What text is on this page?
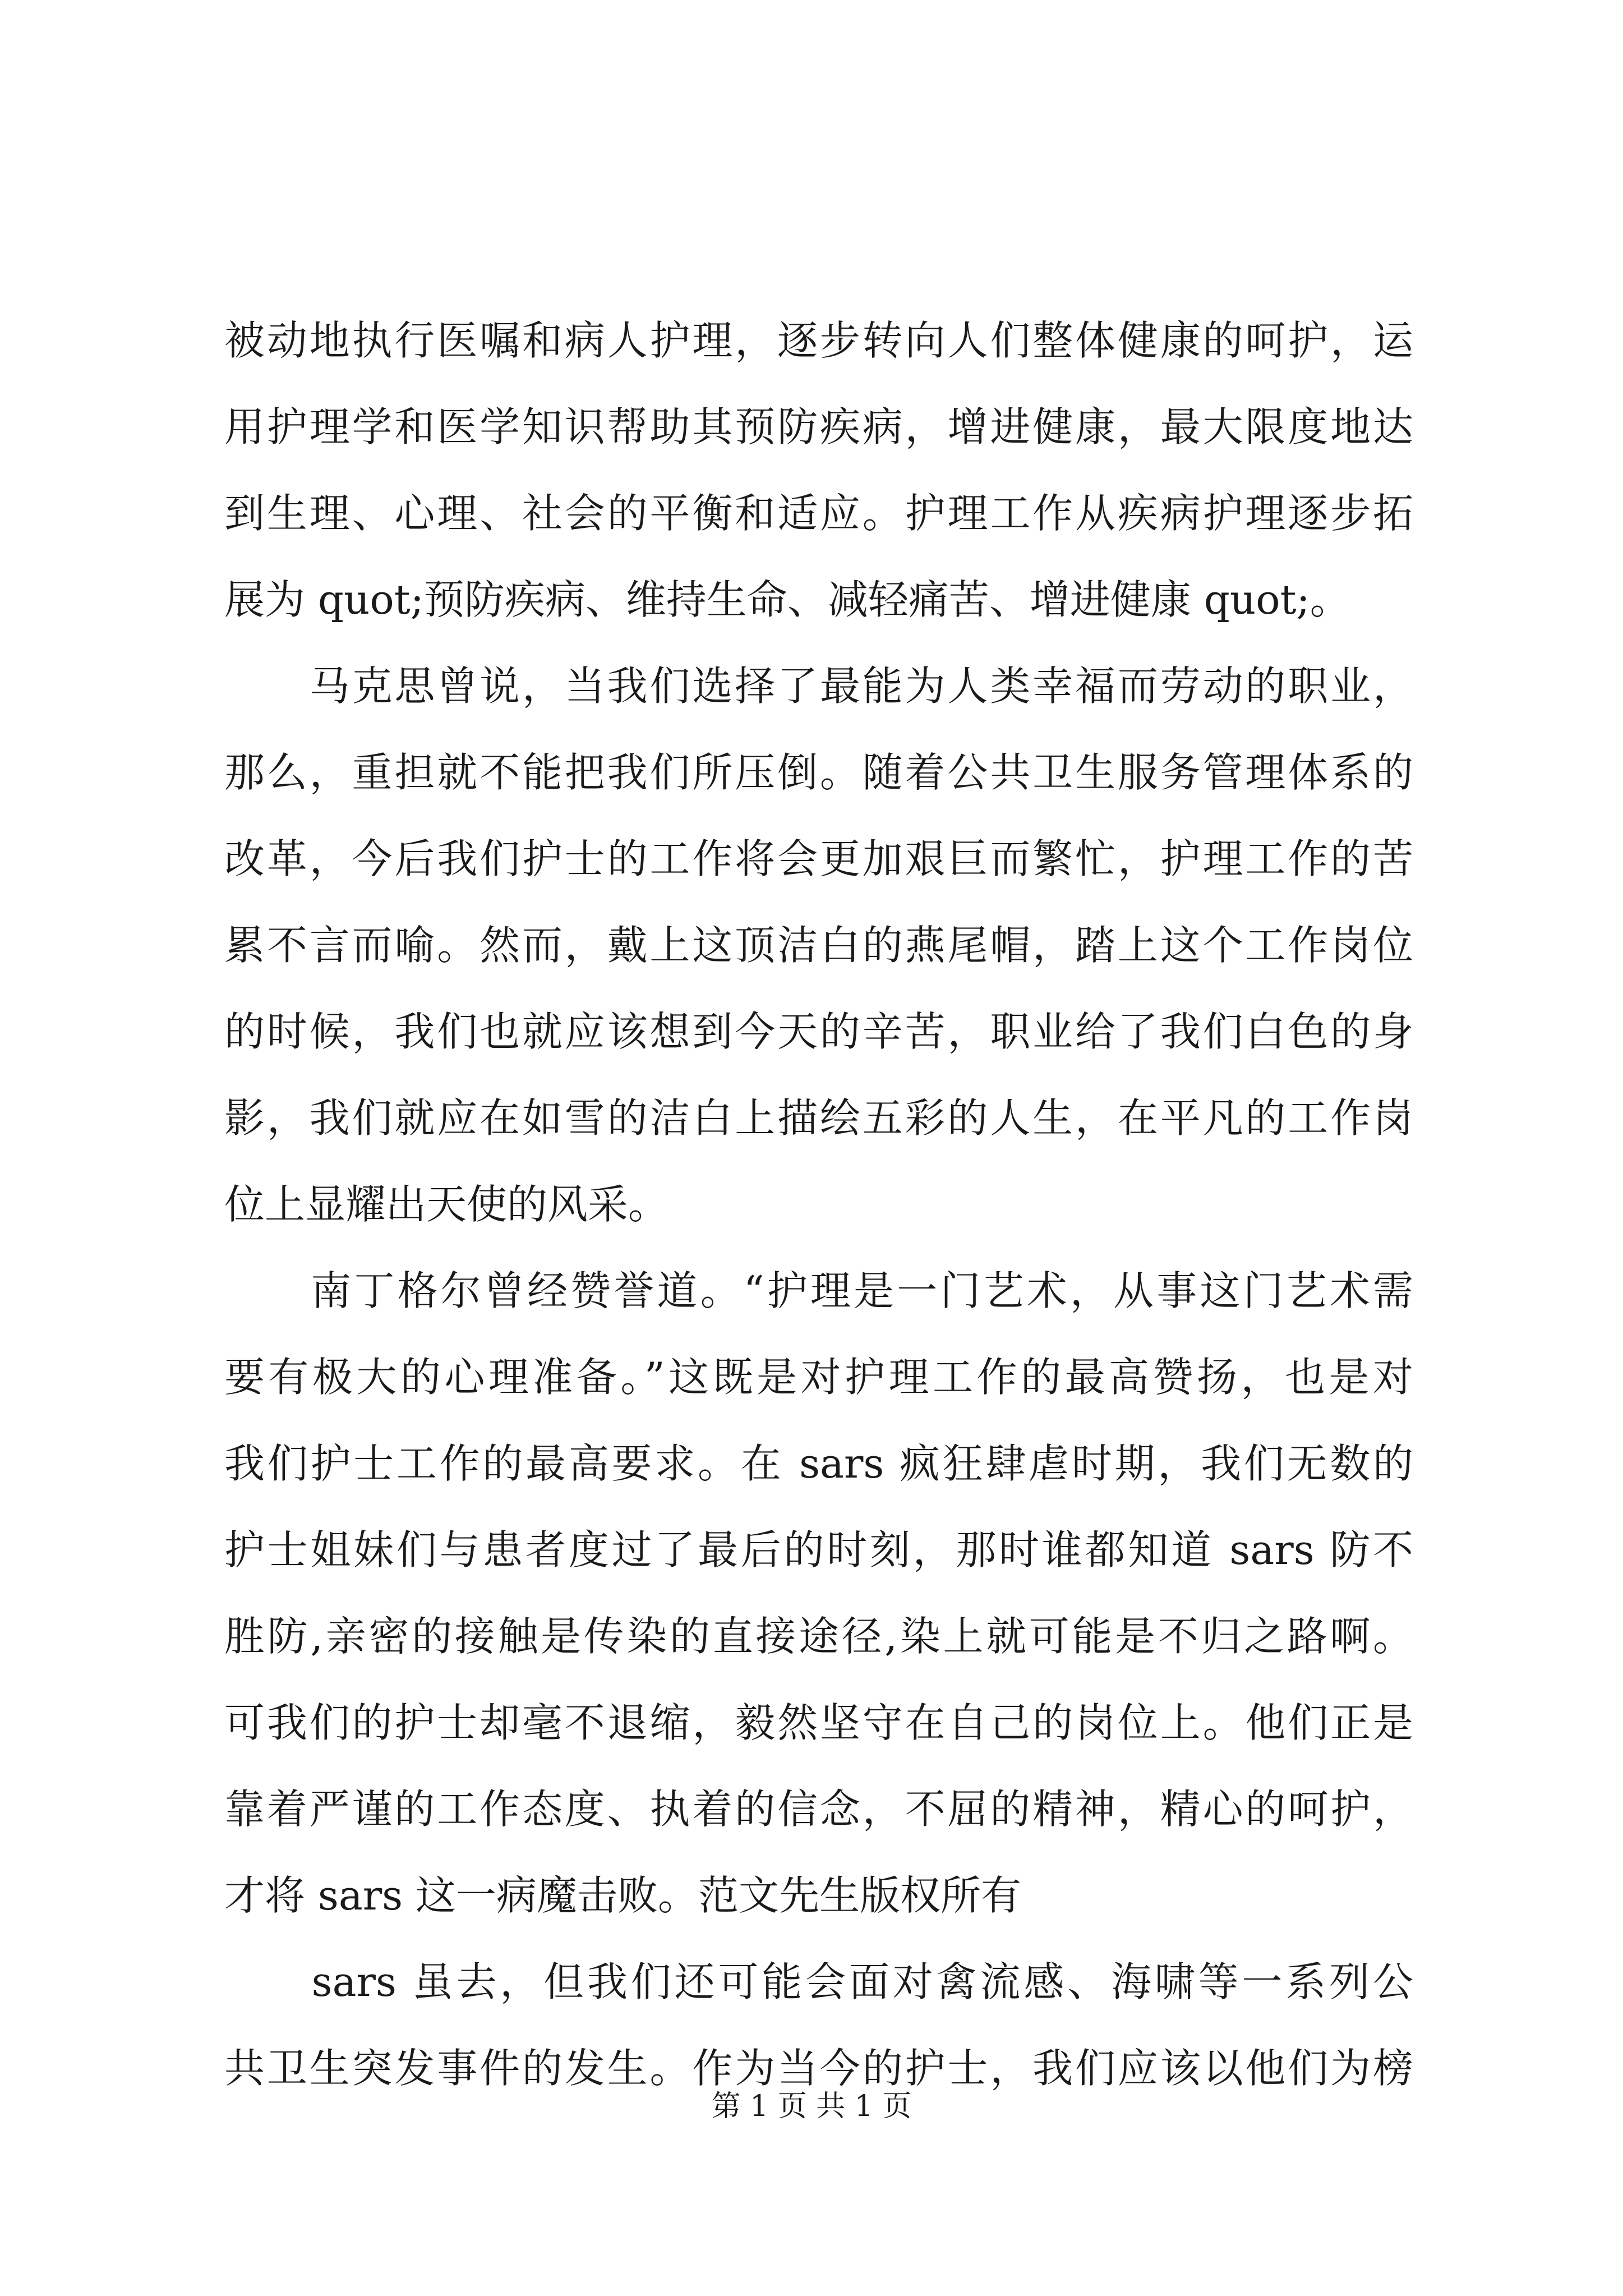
被动地执行医嘱和病人护理，逐步转向人们整体健康的呵护，运
用护理学和医学知识帮助其预防疾病，增进健康，最大限度地达
到生理、心理、社会的平衡和适应。护理工作从疾病护理逐步拓
展为 quot;预防疾病、维持生命、减轻痛苦、增进健康 quot;。
　　马克思曾说，当我们选择了最能为人类幸福而劳动的职业，
那么，重担就不能把我们所压倒。随着公共卫生服务管理体系的
改革，今后我们护士的工作将会更加艰巨而繁忙，护理工作的苦
累不言而喻。然而，戴上这顶洁白的燕尾帽，踏上这个工作岗位
的时候，我们也就应该想到今天的辛苦，职业给了我们白色的身
影，我们就应在如雪的洁白上描绘五彩的人生，在平凡的工作岗
位上显耀出天使的风采。
　　南丁格尔曾经赞誉道。“护理是一门艺术，从事这门艺术需
要有极大的心理准备。”这既是对护理工作的最高赞扬，也是对
我们护士工作的最高要求。在 sars 疯狂肆虐时期，我们无数的
护士姐妹们与患者度过了最后的时刻，那时谁都知道 sars 防不
胜防,亲密的接触是传染的直接途径,染上就可能是不归之路啊。
可我们的护士却毫不退缩，毅然坚守在自己的岗位上。他们正是
靠着严谨的工作态度、执着的信念，不屈的精神，精心的呵护，
才将 sars 这一病魔击败。范文先生版权所有
　　sars 虽去，但我们还可能会面对禽流感、海啸等一系列公
共卫生突发事件的发生。作为当今的护士，我们应该以他们为榜
第 1 页 共 1 页
